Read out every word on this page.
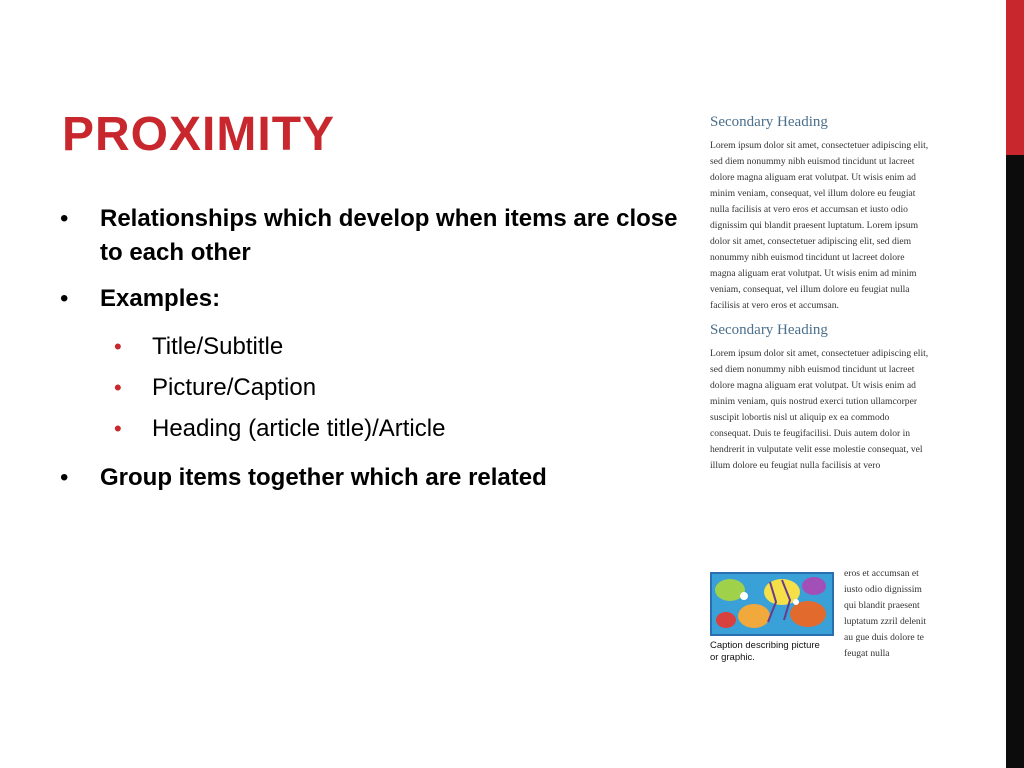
PROXIMITY
• Relationships which develop when items are close to each other
• Examples:
• Title/Subtitle
• Picture/Caption
• Heading (article title)/Article
• Group items together which are related
Secondary Heading

Lorem ipsum dolor sit amet, consectetuer adipiscing elit, sed diem nonummy nibh euismod tincidunt ut lacreet dolore magna aliguam erat volutpat. Ut wisis enim ad minim veniam, consequat, vel illum dolore eu feugiat nulla facilisis at vero eros et accumsan et iusto odio dignissim qui blandit praesent luptatum. Lorem ipsum dolor sit amet, consectetuer adipiscing elit, sed diem nonummy nibh euismod tincidunt ut lacreet dolore magna aliguam erat volutpat. Ut wisis enim ad minim veniam, consequat, vel illum dolore eu feugiat nulla facilisis at vero eros et accumsan.

Secondary Heading

Lorem ipsum dolor sit amet, consectetuer adipiscing elit, sed diem nonummy nibh euismod tincidunt ut lacreet dolore magna aliguam erat volutpat. Ut wisis enim ad minim veniam, quis nostrud exerci tution ullamcorper suscipit lobortis nisl ut aliquip ex ea commodo consequat. Duis te feugifacilisi. Duis autem dolor in hendrerit in vulputate velit esse molestie consequat, vel illum dolore eu feugiat nulla facilisis at vero

Caption describing picture or graphic.
eros et accumsan et iusto odio dignissim qui blandit praesent luptatum zzril delenit au gue duis dolore te feugat nulla
